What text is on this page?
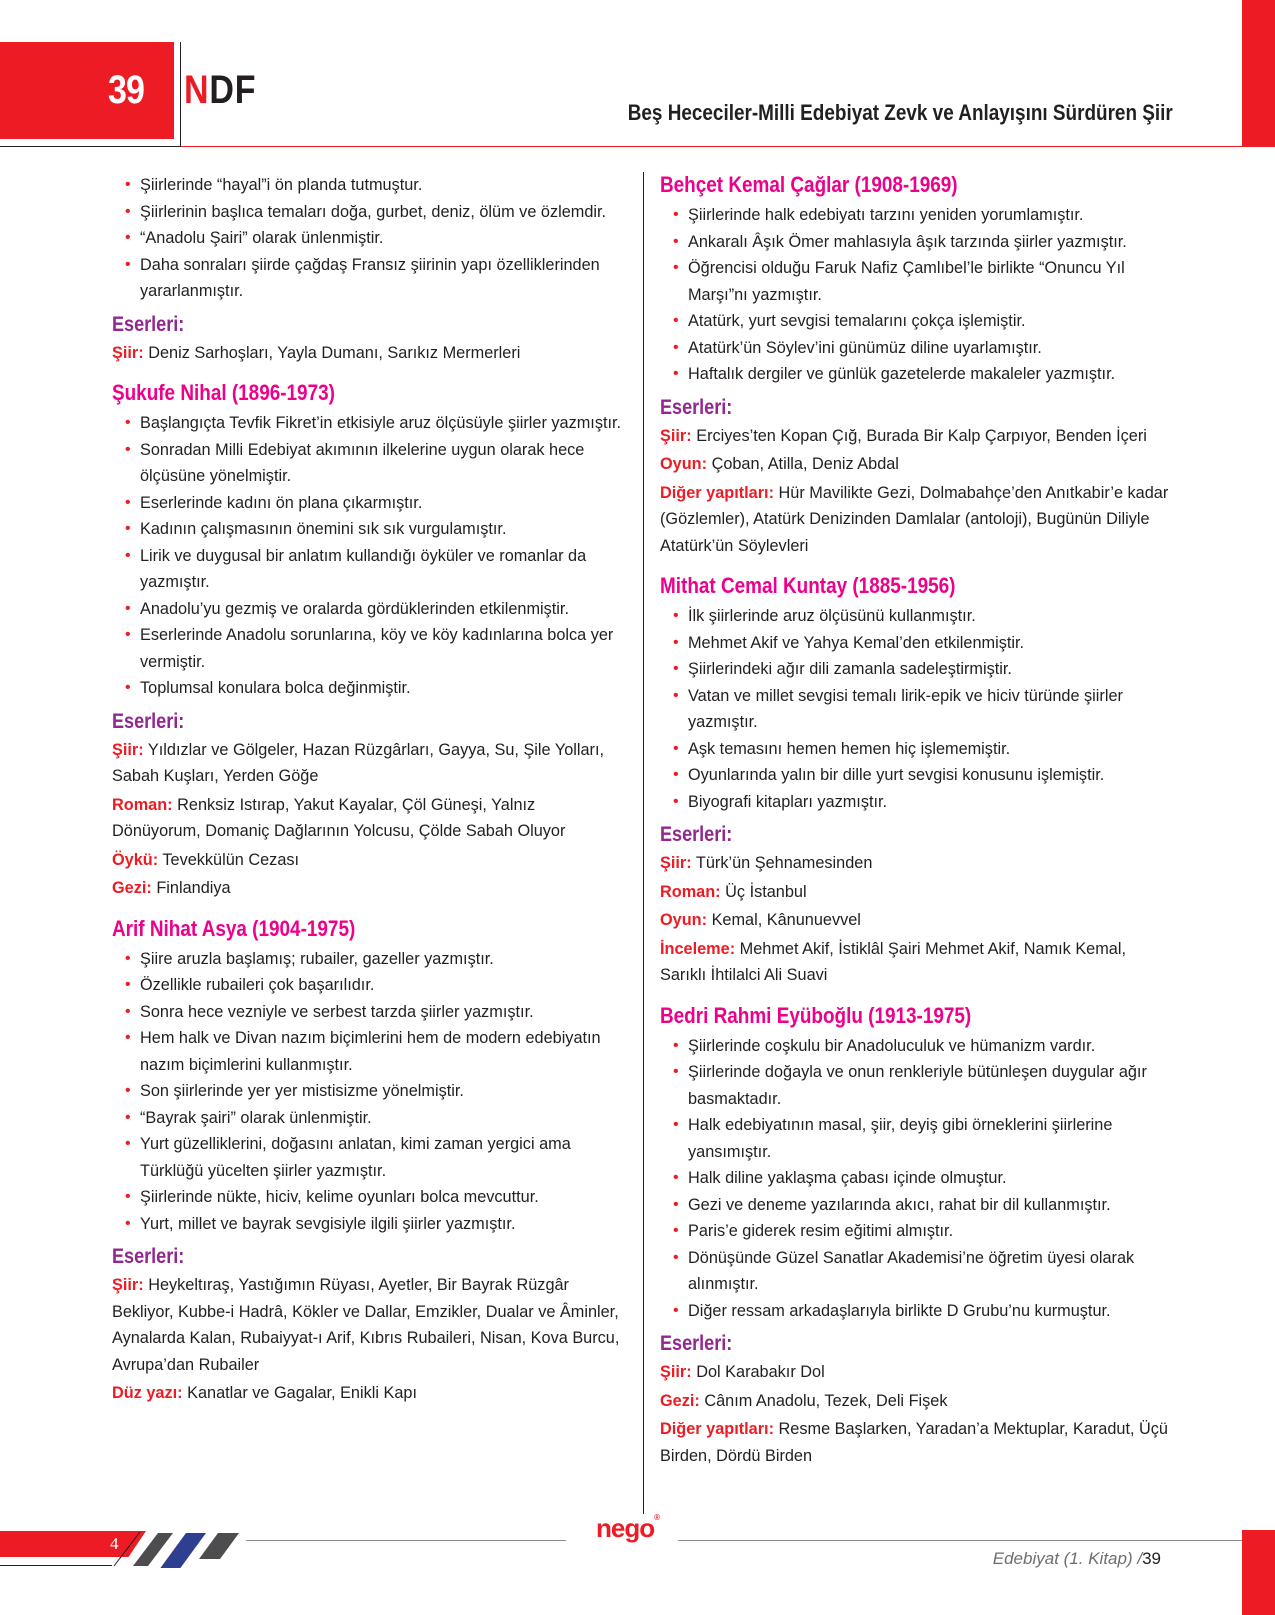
39 NDF
Beş Hececiler-Milli Edebiyat Zevk ve Anlayışını Sürdüren Şiir
• Şiirlerinde “hayal”i ön planda tutmuştur.
• Şiirlerinin başlıca temaları doğa, gurbet, deniz, ölüm ve özlemdir.
• “Anadolu Şairi” olarak ünlenmiştir.
• Daha sonraları şiirde çağdaş Fransız şiirinin yapı özelliklerinden yararlanmıştır.
Eserleri:
Şiir: Deniz Sarhoşları, Yayla Dumanı, Sarıkız Mermerleri
Şukufe Nihal (1896-1973)
• Başlangıçta Tevfik Fikret’in etkisiyle aruz ölçüsüyle şiirler yazmıştır.
• Sonradan Milli Edebiyat akımının ilkelerine uygun olarak hece ölçüsüne yönelmiştir.
• Eserlerinde kadını ön plana çıkarmıştır.
• Kadının çalışmasının önemini sık sık vurgulamıştır.
• Lirik ve duygusal bir anlatım kullandığı öyküler ve romanlar da yazmıştır.
• Anadolu’yu gezmiş ve oralarda gördüklerinden etkilenmiştir.
• Eserlerinde Anadolu sorunlarına, köy ve köy kadınlarına bolca yer vermiştir.
• Toplumsal konulara bolca değinmiştir.
Eserleri:
Şiir: Yıldızlar ve Gölgeler, Hazan Rüzgârları, Gayya, Su, Şile Yolları, Sabah Kuşları, Yerden Göğe
Roman: Renksiz Istırap, Yakut Kayalar, Çöl Güneşi, Yalnız Dönüyorum, Domaniç Dağlarının Yolcusu, Çölde Sabah Oluyor
Öykü: Tevekkülün Cezası
Gezi: Finlandiya
Arif Nihat Asya (1904-1975)
• Şiire aruzla başlamış; rubailer, gazeller yazmıştır.
• Özellikle rubaileri çok başarılıdır.
• Sonra hece vezniyle ve serbest tarzda şiirler yazmıştır.
• Hem halk ve Divan nazım biçimlerini hem de modern edebiyatın nazım biçimlerini kullanmıştır.
• Son şiirlerinde yer yer mistisizme yönelmiştir.
• “Bayrak şairi” olarak ünlenmiştir.
• Yurt güzelliklerini, doğasını anlatan, kimi zaman yergici ama Türklüğü yücelten şiirler yazmıştır.
• Şiirlerinde nükte, hiciv, kelime oyunları bolca mevcuttur.
• Yurt, millet ve bayrak sevgisiyle ilgili şiirler yazmıştır.
Eserleri:
Şiir: Heykeltıraş, Yastığımın Rüyası, Ayetler, Bir Bayrak Rüzgâr Bekliyor, Kubbe-i Hadrâ, Kökler ve Dallar, Emzikler, Dualar ve Âminler, Aynalarda Kalan, Rubaiyyat-ı Arif, Kıbrıs Rubaileri, Nisan, Kova Burcu, Avrupa’dan Rubailer
Düz yazı: Kanatlar ve Gagalar, Enikli Kapı
Behçet Kemal Çağlar (1908-1969)
• Şiirlerinde halk edebiyatı tarzını yeniden yorumlamıştır.
• Ankaralı Âşık Ömer mahlasıyla âşık tarzında şiirler yazmıştır.
• Öğrencisi olduğu Faruk Nafiz Çamlıbel’le birlikte “Onuncu Yıl Marşı”nı yazmıştır.
• Atatürk, yurt sevgisi temalarını çokça işlemiştir.
• Atatürk’ün Söylev’ini günümüz diline uyarlamıştır.
• Haftalık dergiler ve günlük gazetelerde makaleler yazmıştır.
Eserleri:
Şiir: Erciyes’ten Kopan Çığ, Burada Bir Kalp Çarpıyor, Benden İçeri
Oyun: Çoban, Atilla, Deniz Abdal
Diğer yapıtları: Hür Mavilikte Gezi, Dolmabahçe’den Anıtkabir’e kadar (Gözlemler), Atatürk Denizinden Damlalar (antoloji), Bugünün Diliyle Atatürk’ün Söylevleri
Mithat Cemal Kuntay (1885-1956)
• İlk şiirlerinde aruz ölçüsünü kullanmıştır.
• Mehmet Akif ve Yahya Kemal’den etkilenmiştir.
• Şiirlerindeki ağır dili zamanla sadeleştirmiştir.
• Vatan ve millet sevgisi temalı lirik-epik ve hiciv türünde şiirler yazmıştır.
• Aşk temasını hemen hemen hiç işlememiştir.
• Oyunlarında yalın bir dille yurt sevgisi konusunu işlemiştir.
• Biyografi kitapları yazmıştır.
Eserleri:
Şiir: Türk’ün Şehnamesinden
Roman: Üç İstanbul
Oyun: Kemal, Kânunuevvel
İnceleme: Mehmet Akif, İstiklâl Şairi Mehmet Akif, Namık Kemal, Sarıklı İhtilalci Ali Suavi
Bedri Rahmi Eyüboğlu (1913-1975)
• Şiirlerinde coşkulu bir Anadoluculuk ve hümanizm vardır.
• Şiirlerinde doğayla ve onun renkleriyle bütünleşen duygular ağır basmaktadır.
• Halk edebiyatının masal, şiir, deyiş gibi örneklerini şiirlerine yansımıştır.
• Halk diline yaklaşma çabası içinde olmuştur.
• Gezi ve deneme yazılarında akıcı, rahat bir dil kullanmıştır.
• Paris’e giderek resim eğitimi almıştır.
• Dönüşünde Güzel Sanatlar Akademisi’ne öğretim üyesi olarak alınmıştır.
• Diğer ressam arkadaşlarıyla birlikte D Grubu’nu kurmuştur.
Eserleri:
Şiir: Dol Karabakır Dol
Gezi: Cânım Anadolu, Tezek, Deli Fişek
Diğer yapıtları: Resme Başlarken, Yaradan’a Mektuplar, Karadut, Üçü Birden, Dördü Birden
4
nego®
Edebiyat (1. Kitap) /39
